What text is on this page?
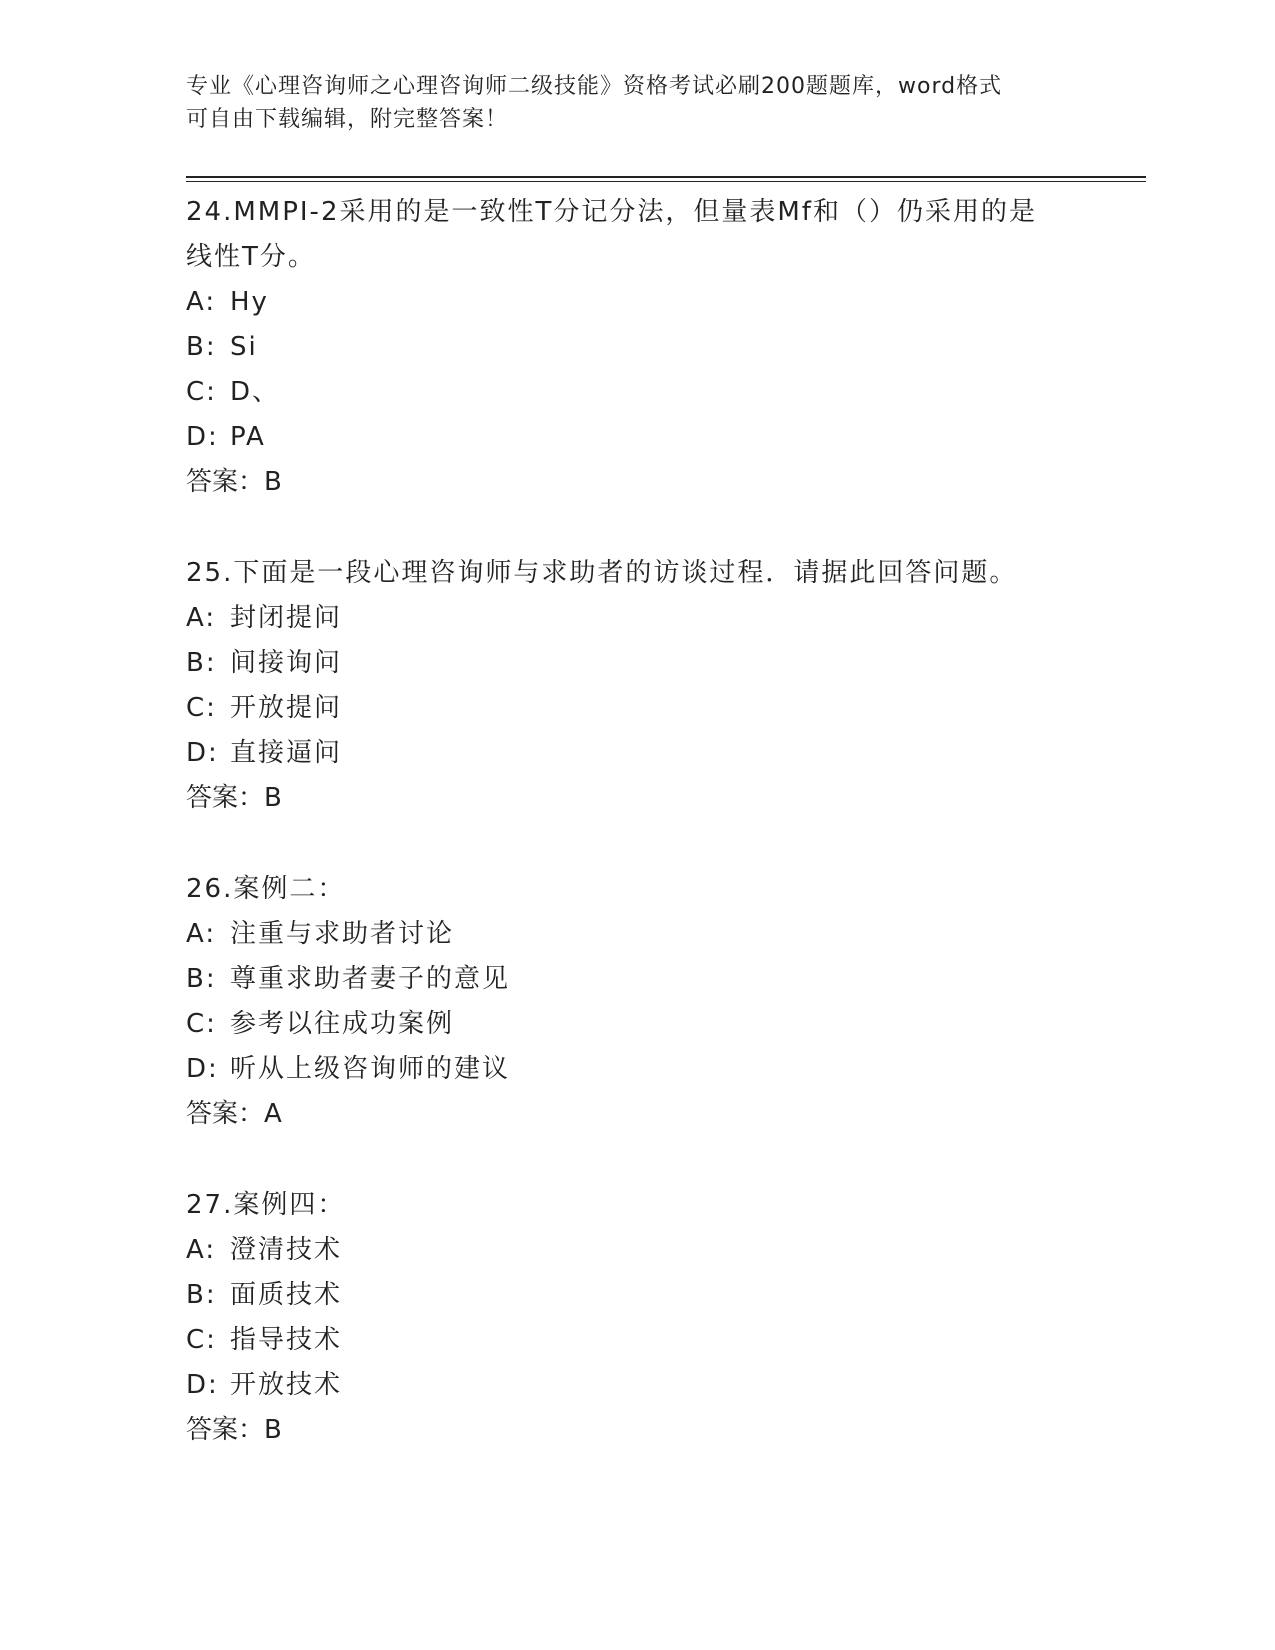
专业《心理咨询师之心理咨询师二级技能》资格考试必刷200题题库，word格式
可自由下载编辑，附完整答案！

24.MMPI-2采用的是一致性T分记分法，但量表Mf和（）仍采用的是

线性T分。

A: Hy

B: Si

C: D、

D: PA

答案：B

25.下面是一段心理咨询师与求助者的访谈过程．请据此回答问题。

A: 封闭提问

B: 间接询问

C: 开放提问

D: 直接逼问

答案：B

26.案例二：

A: 注重与求助者讨论

B: 尊重求助者妻子的意见

C: 参考以往成功案例

D: 听从上级咨询师的建议

答案：A

27.案例四：

A: 澄清技术

B: 面质技术

C: 指导技术

D: 开放技术

答案：B
